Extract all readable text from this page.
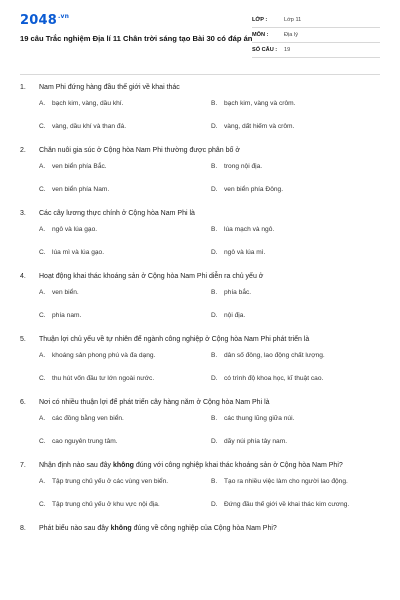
$2048^{.vn}$
19 câu Trắc nghiệm Địa lí 11 Chân trời sáng tạo Bài 30 có đáp án
LỚP :	Lớp 11
MÔN :	Địa lý
SỐ CÂU :	19
1.	Nam Phi đứng hàng đầu thế giới về khai thác
A.	bạch kim, vàng, dầu khí.	B.	bạch kim, vàng và crôm.
C. vàng, dầu khí và than đá.	D. vàng, dất hiếm và crôm.
2.	Chăn nuôi gia súc ở Cộng hòa Nam Phi thường được phân bố ở
A.	ven biển phía Bắc.	B.	trong nội địa.
C. ven biển phía Nam.	D. ven biển phía Đông.
3.	Các cây lương thực chính ở Cộng hòa Nam Phi là
A.	ngô và lúa gạo.	B.	lúa mạch và ngô.
C. lúa mì và lúa gạo.	D. ngô và lúa mì.
4.	Hoạt động khai thác khoáng sản ở Cộng hòa Nam Phi diễn ra chủ yếu ở
A.	ven biển.	B.	phía bắc.
C. phía nam.	D. nội địa.
5.	Thuận lợi chủ yếu về tự nhiên để ngành công nghiệp ở Cộng hòa Nam Phi phát triển là
A.	khoáng sản phong phú và đa dạng.	B.	dân số đông, lao động chất lượng.
C. thu hút vốn đầu tư lớn ngoài nước.	D. có trình độ khoa học, kĩ thuật cao.
6.	Nơi có nhiều thuận lợi để phát triển cây hàng năm ở Cộng hòa Nam Phi là
A.	các đồng bằng ven biển.	B.	các thung lũng giữa núi.
C. cao nguyên trung tâm.	D. dãy núi phía tây nam.
7.	Nhận định nào sau đây không đúng với công nghiệp khai thác khoáng sản ở Cộng hòa Nam Phi?
A.	Tập trung chủ yếu ở các vùng ven biển.	B.	Tạo ra nhiều việc làm cho người lao động.
C. Tập trung chủ yếu ở khu vực nội địa.	D. Đứng đầu thế giới về khai thác kim cương.
8.	Phát biểu nào sau đây không đúng về công nghiệp của Cộng hòa Nam Phi?
